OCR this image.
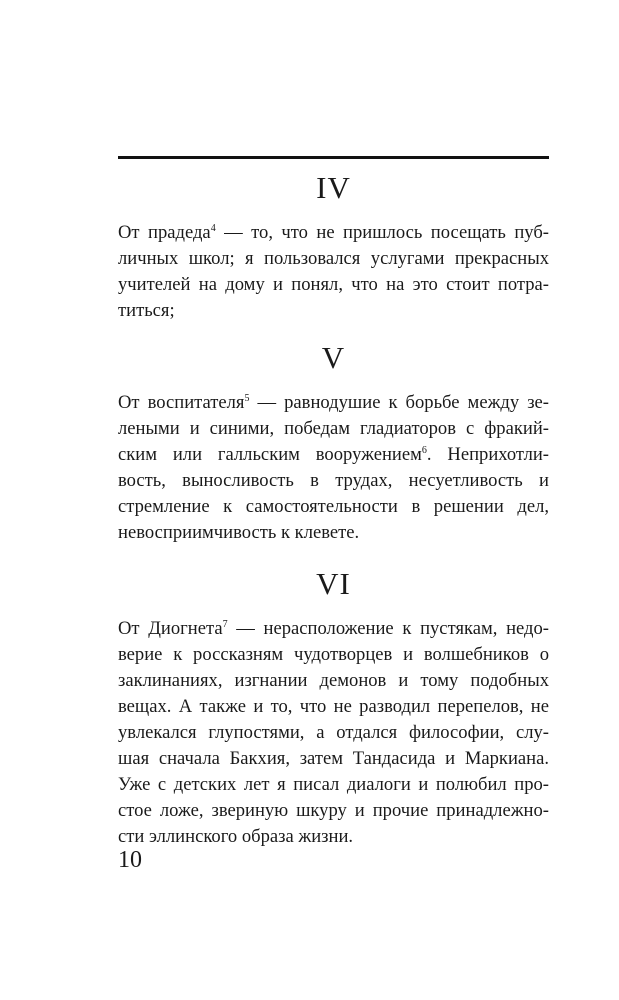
IV
От прадеда$^4$ — то, что не пришлось посещать пуб-
личных школ; я пользовался услугами прекрасных
учителей на дому и понял, что на это стоит потра-
титься;
V
От воспитателя$^5$ — равнодушие к борьбе между зе-
леными и синими, победам гладиаторов с фракий-
ским или галльским вооружением$^6$. Неприхотли-
вость, выносливость в трудах, несуетливость и
стремление к самостоятельности в решении дел,
невосприимчивость к клевете.
VI
От Диогнета$^7$ — нерасположение к пустякам, недо-
верие к россказням чудотворцев и волшебников о
заклинаниях, изгнании демонов и тому подобных
вещах. А также и то, что не разводил перепелов, не
увлекался глупостями, а отдался философии, слу-
шая сначала Бакхия, затем Тандасида и Маркиана.
Уже с детских лет я писал диалоги и полюбил про-
стое ложе, звериную шкуру и прочие принадлежно-
сти эллинского образа жизни.
10
